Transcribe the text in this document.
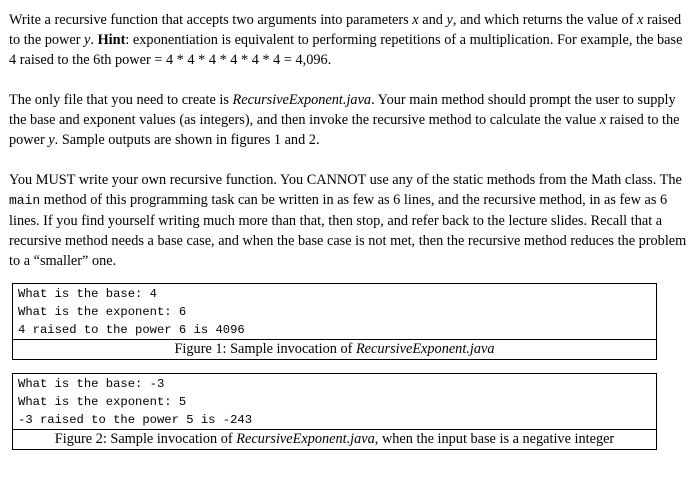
Write a recursive function that accepts two arguments into parameters x and y, and which returns the value of x raised to the power y. Hint: exponentiation is equivalent to performing repetitions of a multiplication. For example, the base 4 raised to the 6th power = 4 * 4 * 4 * 4 * 4 * 4 = 4,096.

The only file that you need to create is RecursiveExponent.java. Your main method should prompt the user to supply the base and exponent values (as integers), and then invoke the recursive method to calculate the value x raised to the power y. Sample outputs are shown in figures 1 and 2.

You MUST write your own recursive function. You CANNOT use any of the static methods from the Math class. The main method of this programming task can be written in as few as 6 lines, and the recursive method, in as few as 6 lines. If you find yourself writing much more than that, then stop, and refer back to the lecture slides. Recall that a recursive method needs a base case, and when the base case is not met, then the recursive method reduces the problem to a “smaller” one.

What is the base: 4
What is the exponent: 6
4 raised to the power 6 is 4096
Figure 1: Sample invocation of RecursiveExponent.java
What is the base: -3
What is the exponent: 5
-3 raised to the power 5 is -243
Figure 2: Sample invocation of RecursiveExponent.java, when the input base is a negative integer
